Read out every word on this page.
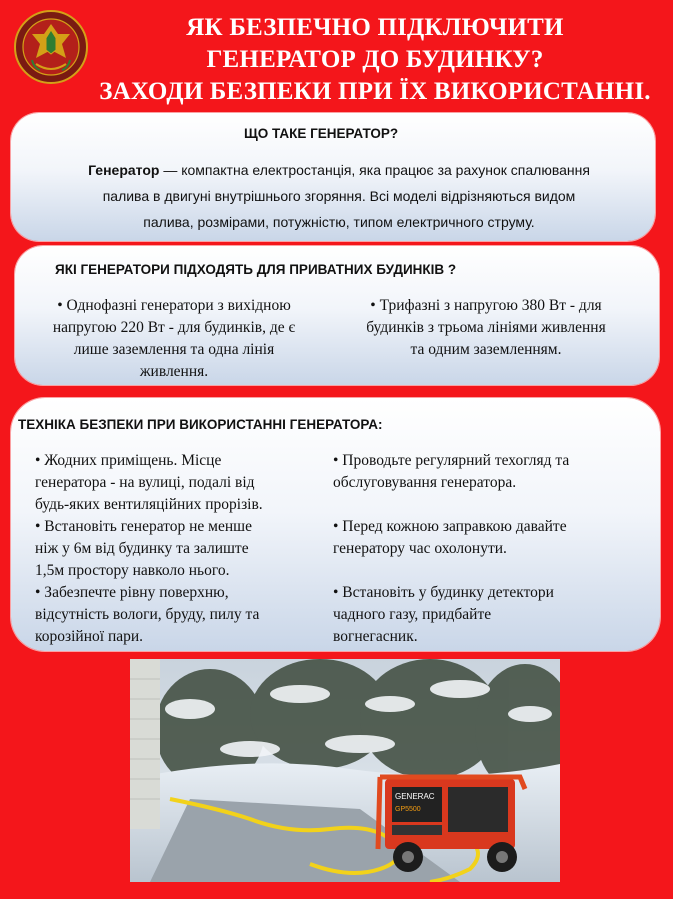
ЯК БЕЗПЕЧНО ПІДКЛЮЧИТИ
ГЕНЕРАТОР ДО БУДИНКУ?
ЗАХОДИ БЕЗПЕКИ ПРИ ЇХ ВИКОРИСТАННІ.
ЩО ТАКЕ ГЕНЕРАТОР?
Генератор — компактна електростанція, яка працює за рахунок спалювання
палива в двигуні внутрішнього згоряння. Всі моделі відрізняються видом
палива, розмірами, потужністю, типом електричного струму.
ЯКІ ГЕНЕРАТОРИ ПІДХОДЯТЬ ДЛЯ ПРИВАТНИХ БУДИНКІВ ?

• Однофазні генератори з вихідною

напругою 220 Вт - для будинків, де є

лише заземлення та одна лінія

живлення.

• Трифазні з напругою 380 Вт - для

будинків з трьома лініями живлення

та одним заземленням.

ТЕХНІКА БЕЗПЕКИ ПРИ ВИКОРИСТАННІ ГЕНЕРАТОРА:

• Жодних приміщень. Місце

генератора - на вулиці, подалі від

будь-яких вентиляційних прорізів.

• Встановіть генератор не менше

ніж у 6м від будинку та залиште

1,5м простору навколо нього.

• Забезпечте рівну поверхню,

відсутність вологи, бруду, пилу та

корозійної пари.

• Проводьте регулярний техогляд та

обслуговування генератора.

• Перед кожною заправкою давайте

генератору час охолонути.

• Встановіть у будинку детектори

чадного газу, придбайте

вогнегасник.

GENERAC
GP5500
